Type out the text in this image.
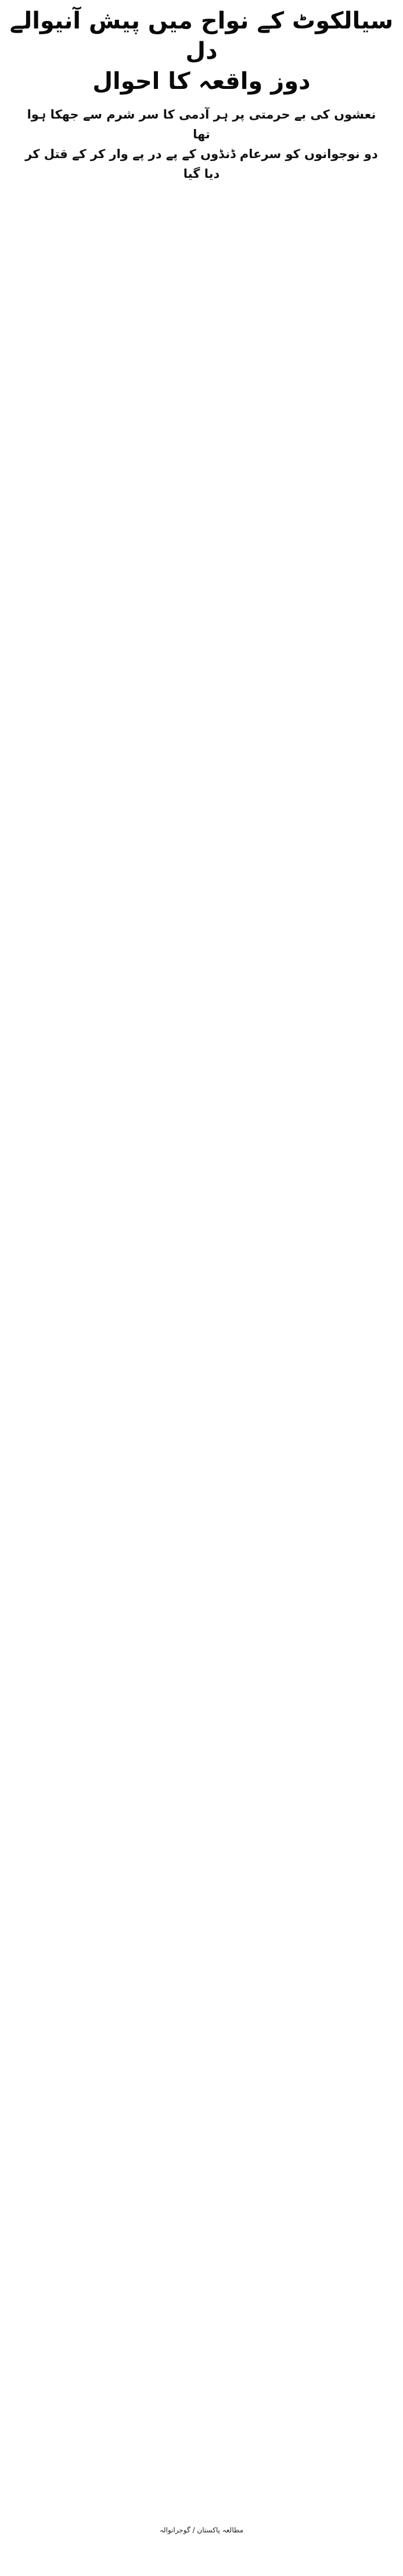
سیالکوٹ کے نواح میں پیش آنیوالے دل
دوز واقعہ کا احوال
نعشوں کی بے حرمتی پر ہر آدمی کا سر شرم سے جھکا ہوا تھا
دو نوجوانوں کو سرعام ڈنڈوں کے پے در پے وار کر کے قتل کر دیا گیا
مطالعہ پاکستان / گوجرانوالہ
